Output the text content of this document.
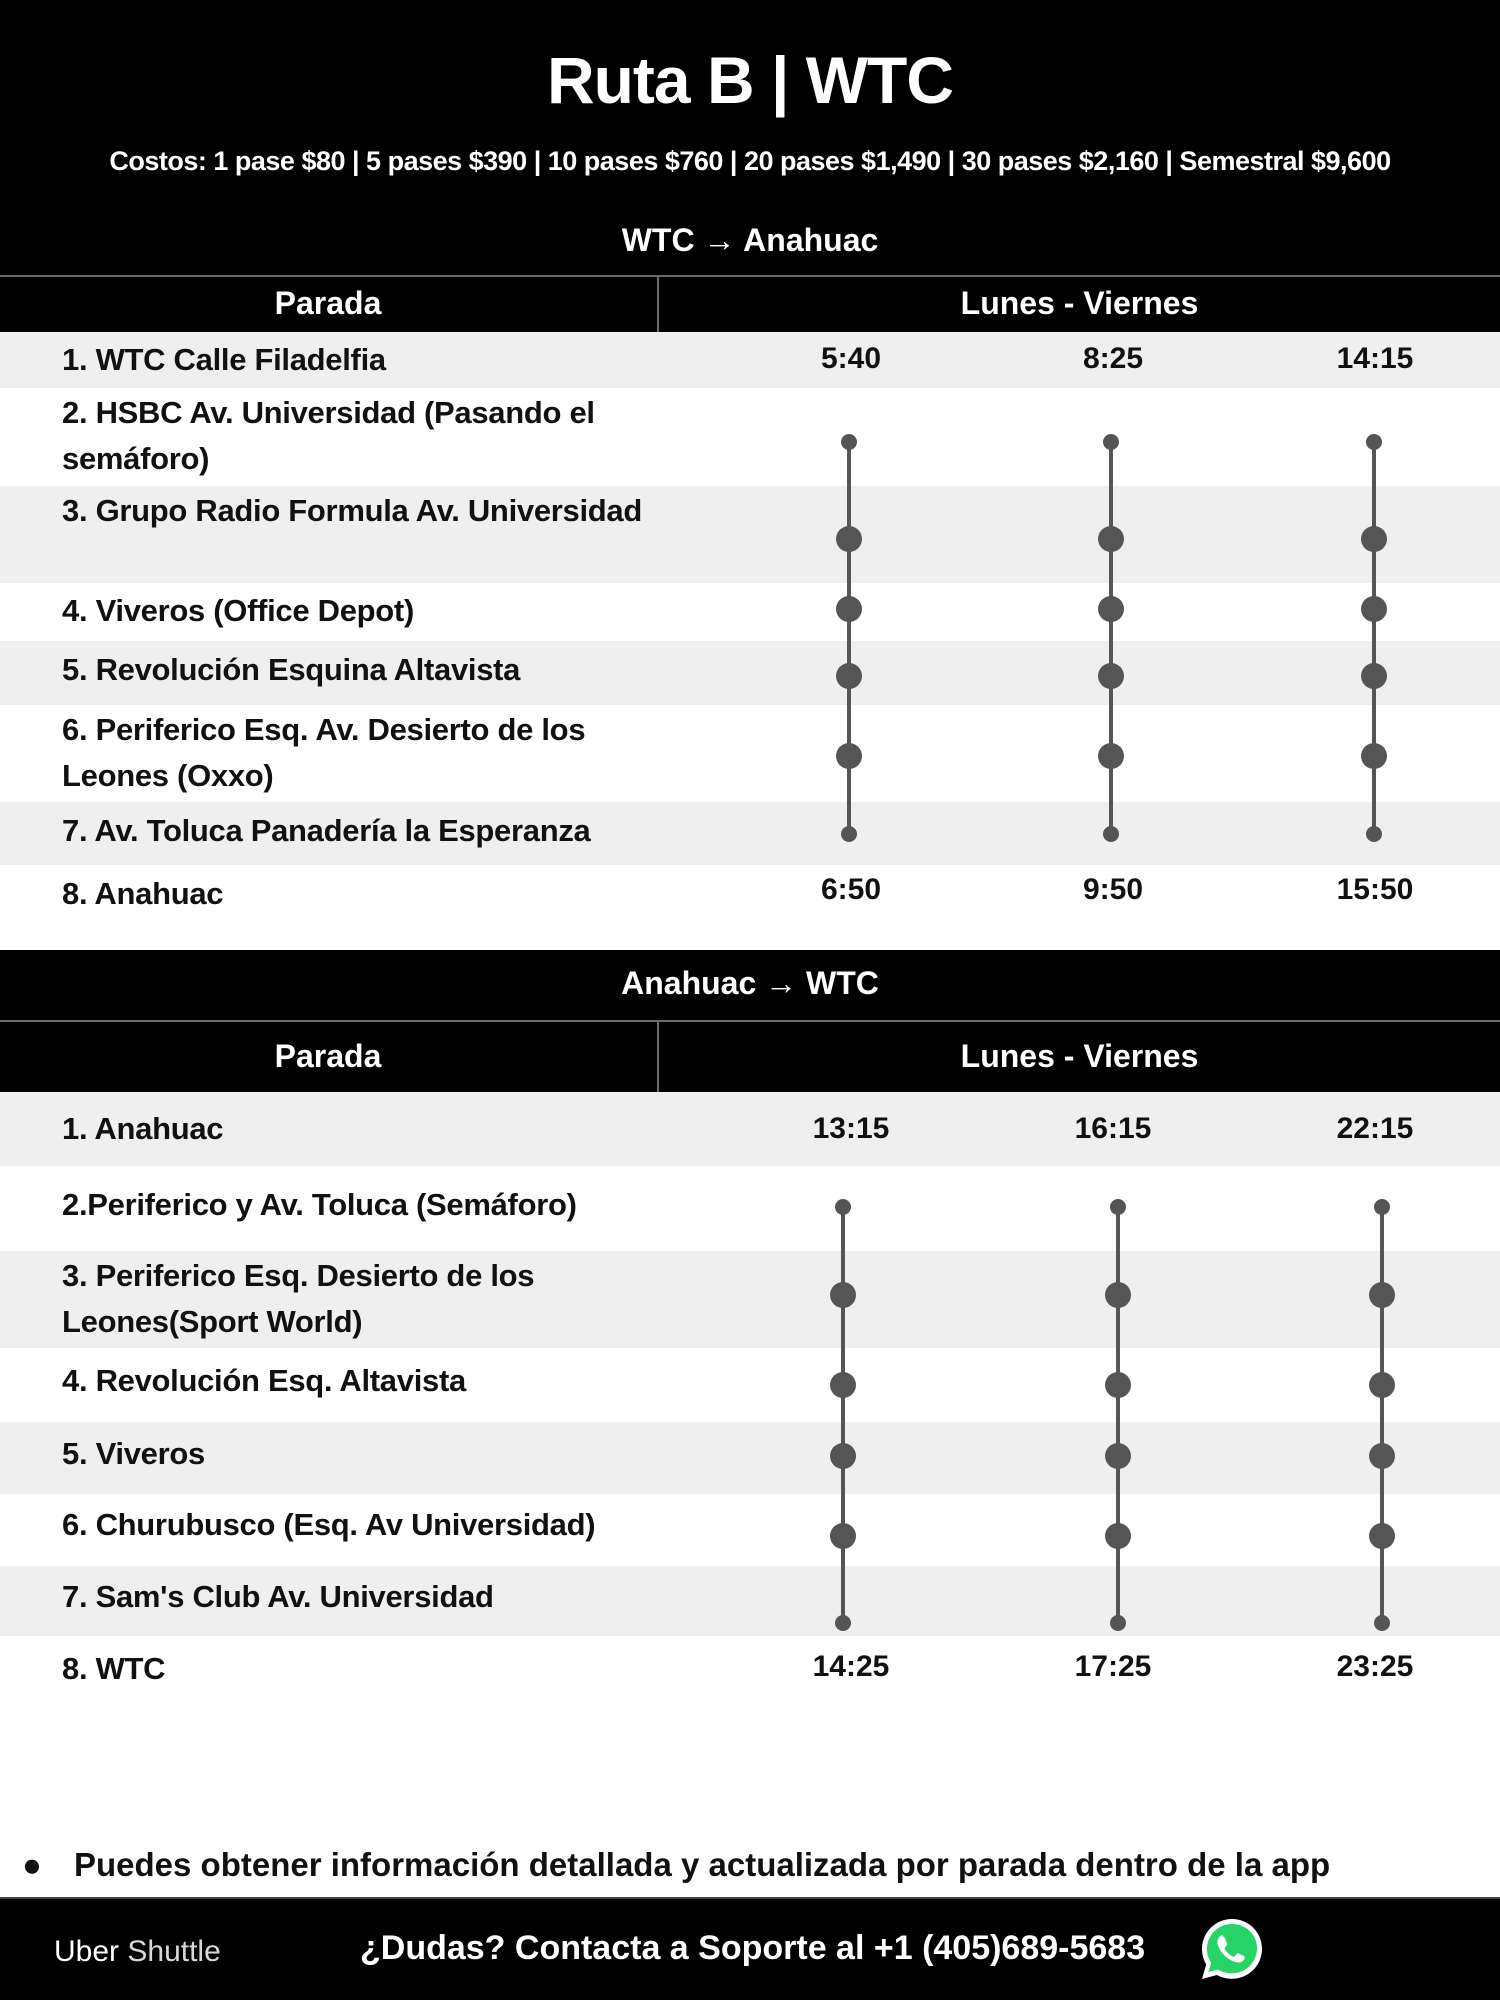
Ruta B | WTC
Costos: 1 pase $80 | 5 pases $390 | 10 pases $760 | 20 pases $1,490 | 30 pases $2,160 | Semestral $9,600
WTC → Anahuac
Parada	Lunes - Viernes
1. WTC Calle Filadelfia	5:40	8:25	14:15
2. HSBC Av. Universidad (Pasando el semáforo)
3. Grupo Radio Formula Av. Universidad
4. Viveros (Office Depot)
5. Revolución Esquina Altavista
6. Periferico Esq. Av. Desierto de los Leones (Oxxo)
7. Av. Toluca Panadería la Esperanza
8. Anahuac	6:50	9:50	15:50
Anahuac → WTC
Parada	Lunes - Viernes
1. Anahuac	13:15	16:15	22:15
2.Periferico y Av. Toluca (Semáforo)
3. Periferico Esq. Desierto de los Leones(Sport World)
4. Revolución Esq. Altavista
5. Viveros
6. Churubusco (Esq. Av Universidad)
7. Sam's Club Av. Universidad
8. WTC	14:25	17:25	23:25
● Puedes obtener información detallada y actualizada por parada dentro de la app
Uber Shuttle	¿Dudas? Contacta a Soporte al +1 (405)689-5683
